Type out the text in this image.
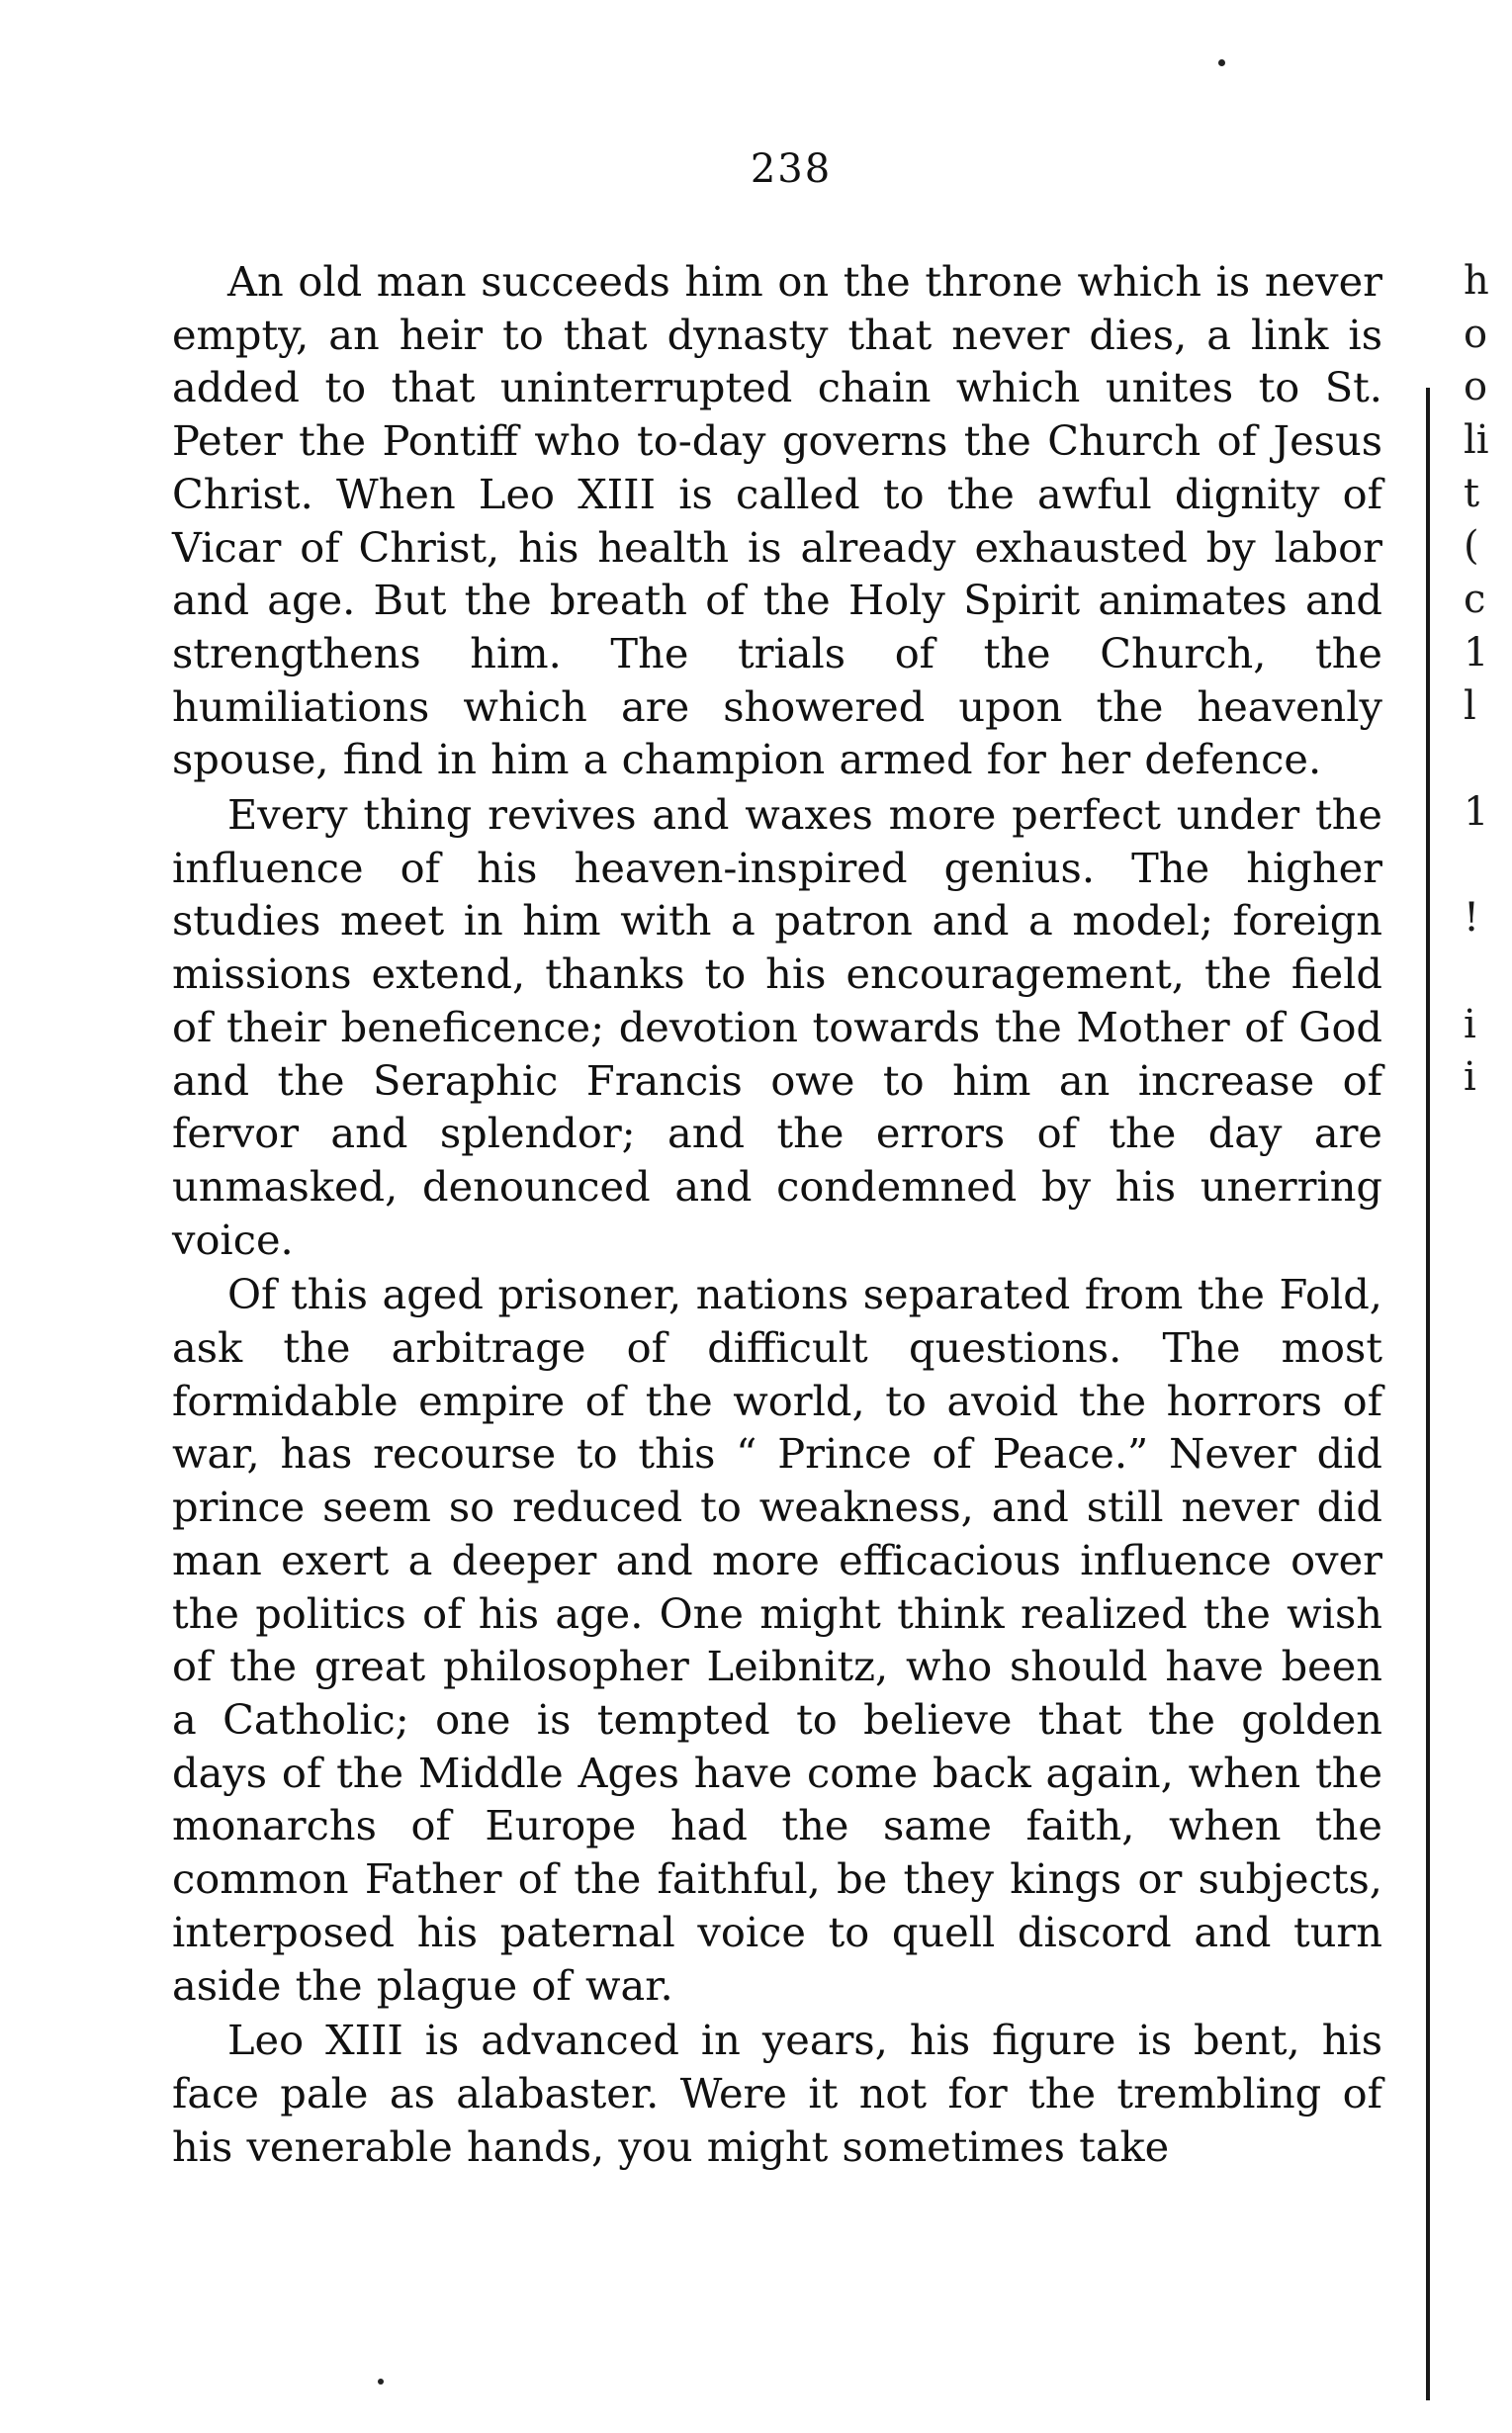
238

An old man succeeds him on the throne which is never empty, an heir to that dynasty that never dies, a link is added to that uninterrupted chain which unites to St. Peter the Pontiff who to-day governs the Church of Jesus Christ. When Leo XIII is called to the awful dignity of Vicar of Christ, his health is already exhausted by labor and age. But the breath of the Holy Spirit animates and strengthens him. The trials of the Church, the humiliations which are showered upon the heavenly spouse, find in him a champion armed for her defence.

Every thing revives and waxes more perfect under the influence of his heaven-inspired genius. The higher studies meet in him with a patron and a model; foreign missions extend, thanks to his encouragement, the field of their beneficence; devotion towards the Mother of God and the Seraphic Francis owe to him an increase of fervor and splendor; and the errors of the day are unmasked, denounced and condemned by his unerring voice.

Of this aged prisoner, nations separated from the Fold, ask the arbitrage of difficult questions. The most formidable empire of the world, to avoid the horrors of war, has recourse to this “ Prince of Peace.” Never did prince seem so reduced to weakness, and still never did man exert a deeper and more efficacious influence over the politics of his age. One might think realized the wish of the great philosopher Leibnitz, who should have been a Catholic; one is tempted to believe that the golden days of the Middle Ages have come back again, when the monarchs of Europe had the same faith, when the common Father of the faithful, be they kings or subjects, interposed his paternal voice to quell discord and turn aside the plague of war.

Leo XIII is advanced in years, his figure is bent, his face pale as alabaster. Were it not for the trembling of his venerable hands, you might sometimes take

h
o
o
li
t
(
c
1
l
1
!
i
i
